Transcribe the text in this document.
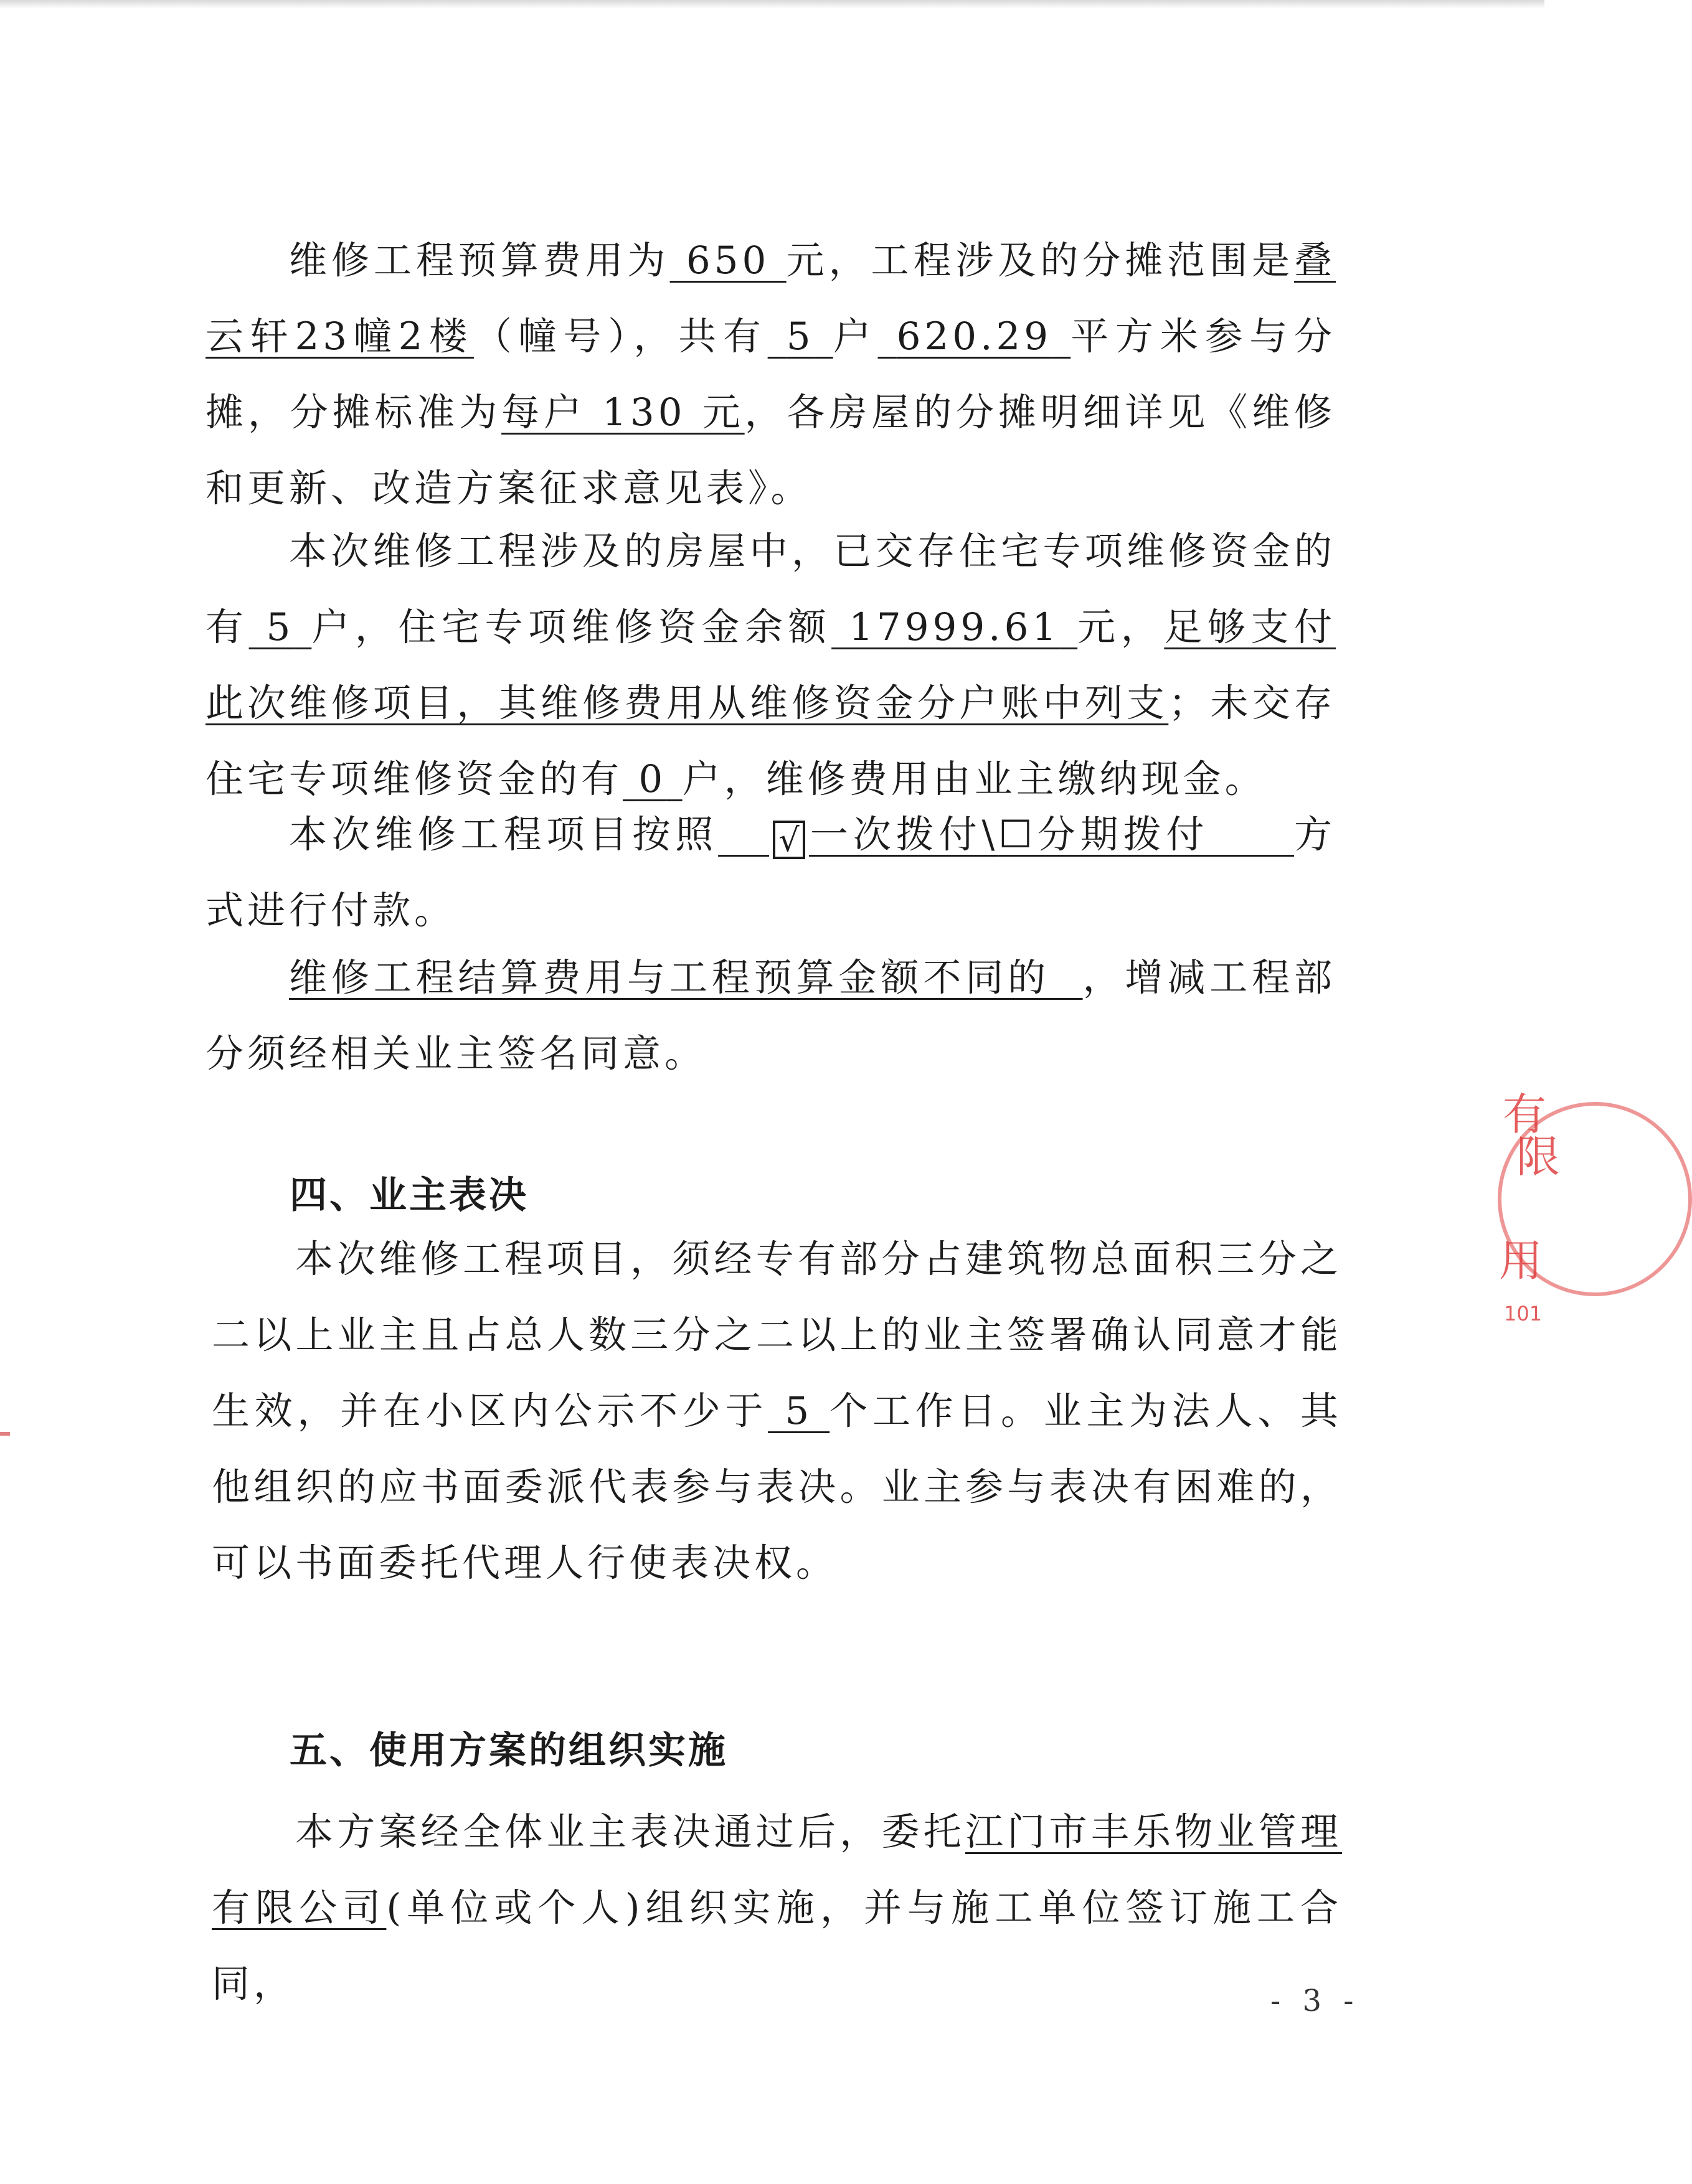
维修工程预算费用为 650 元，工程涉及的分摊范围是叠云轩23幢2楼（幢号），共有 5 户 620.29 平方米参与分摊，分摊标准为每户 130 元，各房屋的分摊明细详见《维修和更新、改造方案征求意见表》。

本次维修工程涉及的房屋中，已交存住宅专项维修资金的有 5 户，住宅专项维修资金余额 17999.61 元，足够支付此次维修项目，其维修费用从维修资金分户账中列支；未交存住宅专项维修资金的有 0 户，维修费用由业主缴纳现金。

本次维修工程项目按照 √ 一次拨付\☐分期拨付 方式进行付款。

维修工程结算费用与工程预算金额不同的 ，增减工程部分须经相关业主签名同意。

四、业主表决

本次维修工程项目，须经专有部分占建筑物总面积三分之二以上业主且占总人数三分之二以上的业主签署确认同意才能生效，并在小区内公示不少于 5 个工作日。业主为法人、其他组织的应书面委派代表参与表决。业主参与表决有困难的，可以书面委托代理人行使表决权。

五、使用方案的组织实施

本方案经全体业主表决通过后，委托江门市丰乐物业管理有限公司(单位或个人)组织实施，并与施工单位签订施工合同，	- 3 -
有
限
用
101
